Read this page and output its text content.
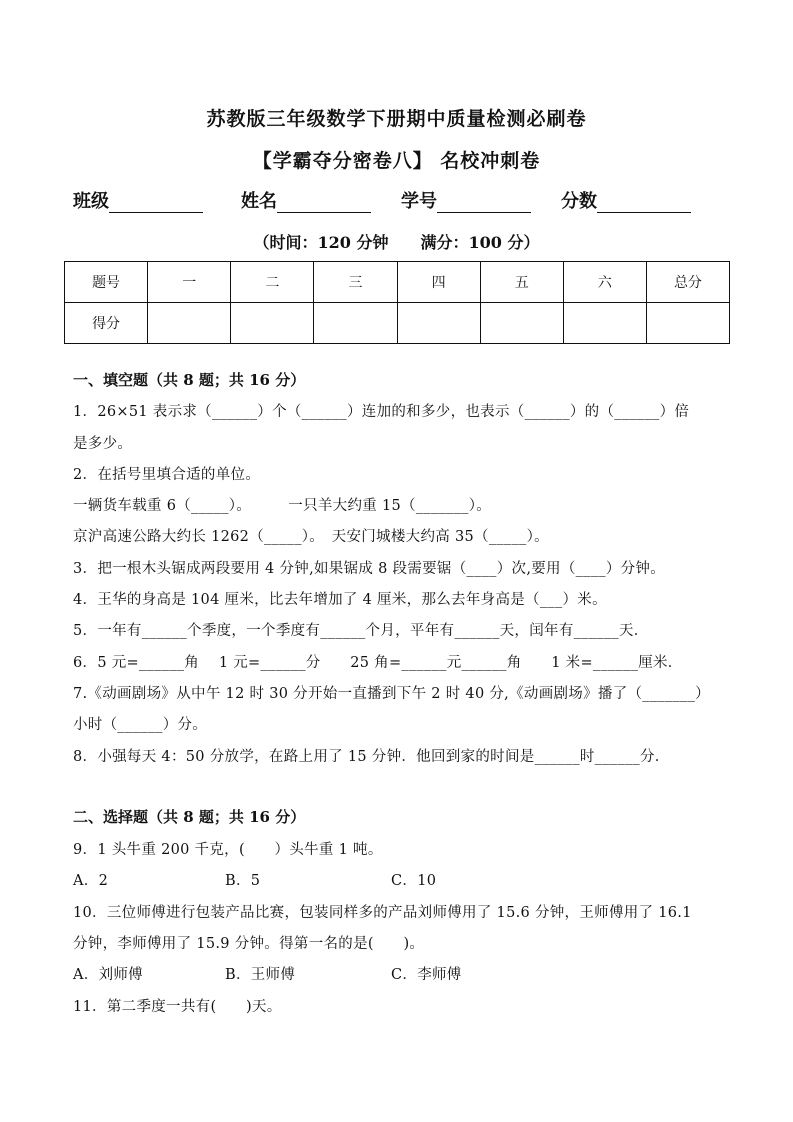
苏教版三年级数学下册期中质量检测必刷卷
【学霸夺分密卷八】 名校冲刺卷
班级	姓名	学号	分数
（时间：120 分钟　　满分：100 分）
题号	一	二	三	四	五	六	总分
得分							
一、填空题（共 8 题；共 16 分）
1．26×51 表示求（______）个（______）连加的和多少，也表示（______）的（______）倍
是多少。
2．在括号里填合适的单位。
一辆货车载重 6（_____）。　　　一只羊大约重 15（_______）。
京沪高速公路大约长 1262（_____）。　天安门城楼大约高 35（_____）。
3．把一根木头锯成两段要用 4 分钟,如果锯成 8 段需要锯（____）次,要用（____）分钟。
4．王华的身高是 104 厘米，比去年增加了 4 厘米，那么去年身高是（___）米。
5．一年有______个季度，一个季度有______个月，平年有______天，闰年有______天．
6．5 元=______角　 1 元=______分　　25 角=______元______角　　1 米=______厘米．
7.《动画剧场》从中午 12 时 30 分开始一直播到下午 2 时 40 分,《动画剧场》播了（_______）
小时（______）分。
8．小强每天 4：50 分放学，在路上用了 15 分钟．他回到家的时间是______时______分．
二、选择题（共 8 题；共 16 分）
9．1 头牛重 200 千克，(　　）头牛重 1 吨。
A．2	B．5	C．10
10．三位师傅进行包装产品比赛，包装同样多的产品刘师傅用了 15.6 分钟，王师傅用了 16.1
分钟，李师傅用了 15.9 分钟。得第一名的是(　　)。
A．刘师傅	B．王师傅	C．李师傅
11．第二季度一共有(　　)天。
